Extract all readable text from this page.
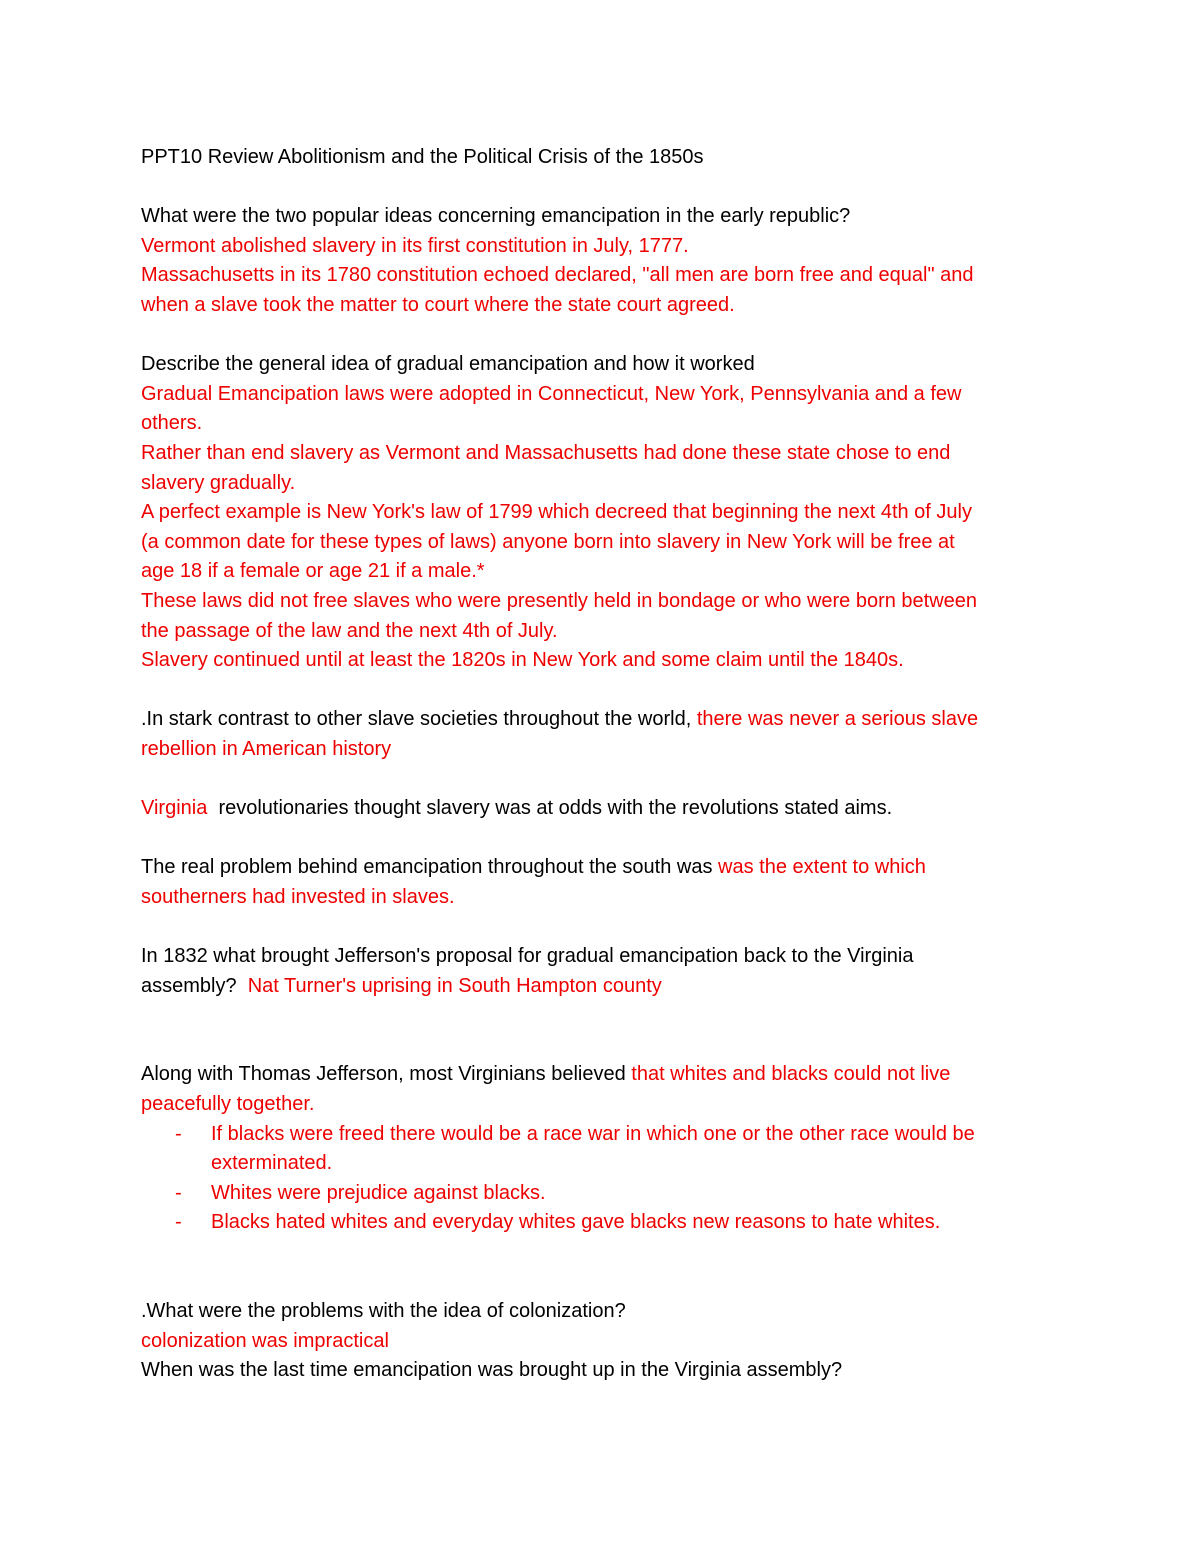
PPT10 Review Abolitionism and the Political Crisis of the 1850s

What were the two popular ideas concerning emancipation in the early republic?

Vermont abolished slavery in its first constitution in July, 1777.

Massachusetts in its 1780 constitution echoed declared, "all men are born free and equal" and

when a slave took the matter to court where the state court agreed.

Describe the general idea of gradual emancipation and how it worked

Gradual Emancipation laws were adopted in Connecticut, New York, Pennsylvania and a few

others.

Rather than end slavery as Vermont and Massachusetts had done these state chose to end

slavery gradually.

A perfect example is New York's law of 1799 which decreed that beginning the next 4th of July

(a common date for these types of laws) anyone born into slavery in New York will be free at

age 18 if a female or age 21 if a male.*

These laws did not free slaves who were presently held in bondage or who were born between

the passage of the law and the next 4th of July.

Slavery continued until at least the 1820s in New York and some claim until the 1840s.

.In stark contrast to other slave societies throughout the world, there was never a serious slave

rebellion in American history

Virginia  revolutionaries thought slavery was at odds with the revolutions stated aims.

The real problem behind emancipation throughout the south was was the extent to which

southerners had invested in slaves.

In 1832 what brought Jefferson's proposal for gradual emancipation back to the Virginia

assembly?  Nat Turner's uprising in South Hampton county

Along with Thomas Jefferson, most Virginians believed that whites and blacks could not live

peacefully together.

- If blacks were freed there would be a race war in which one or the other race would be

exterminated.

- Whites were prejudice against blacks.

- Blacks hated whites and everyday whites gave blacks new reasons to hate whites.

.What were the problems with the idea of colonization?

colonization was impractical

When was the last time emancipation was brought up in the Virginia assembly?
